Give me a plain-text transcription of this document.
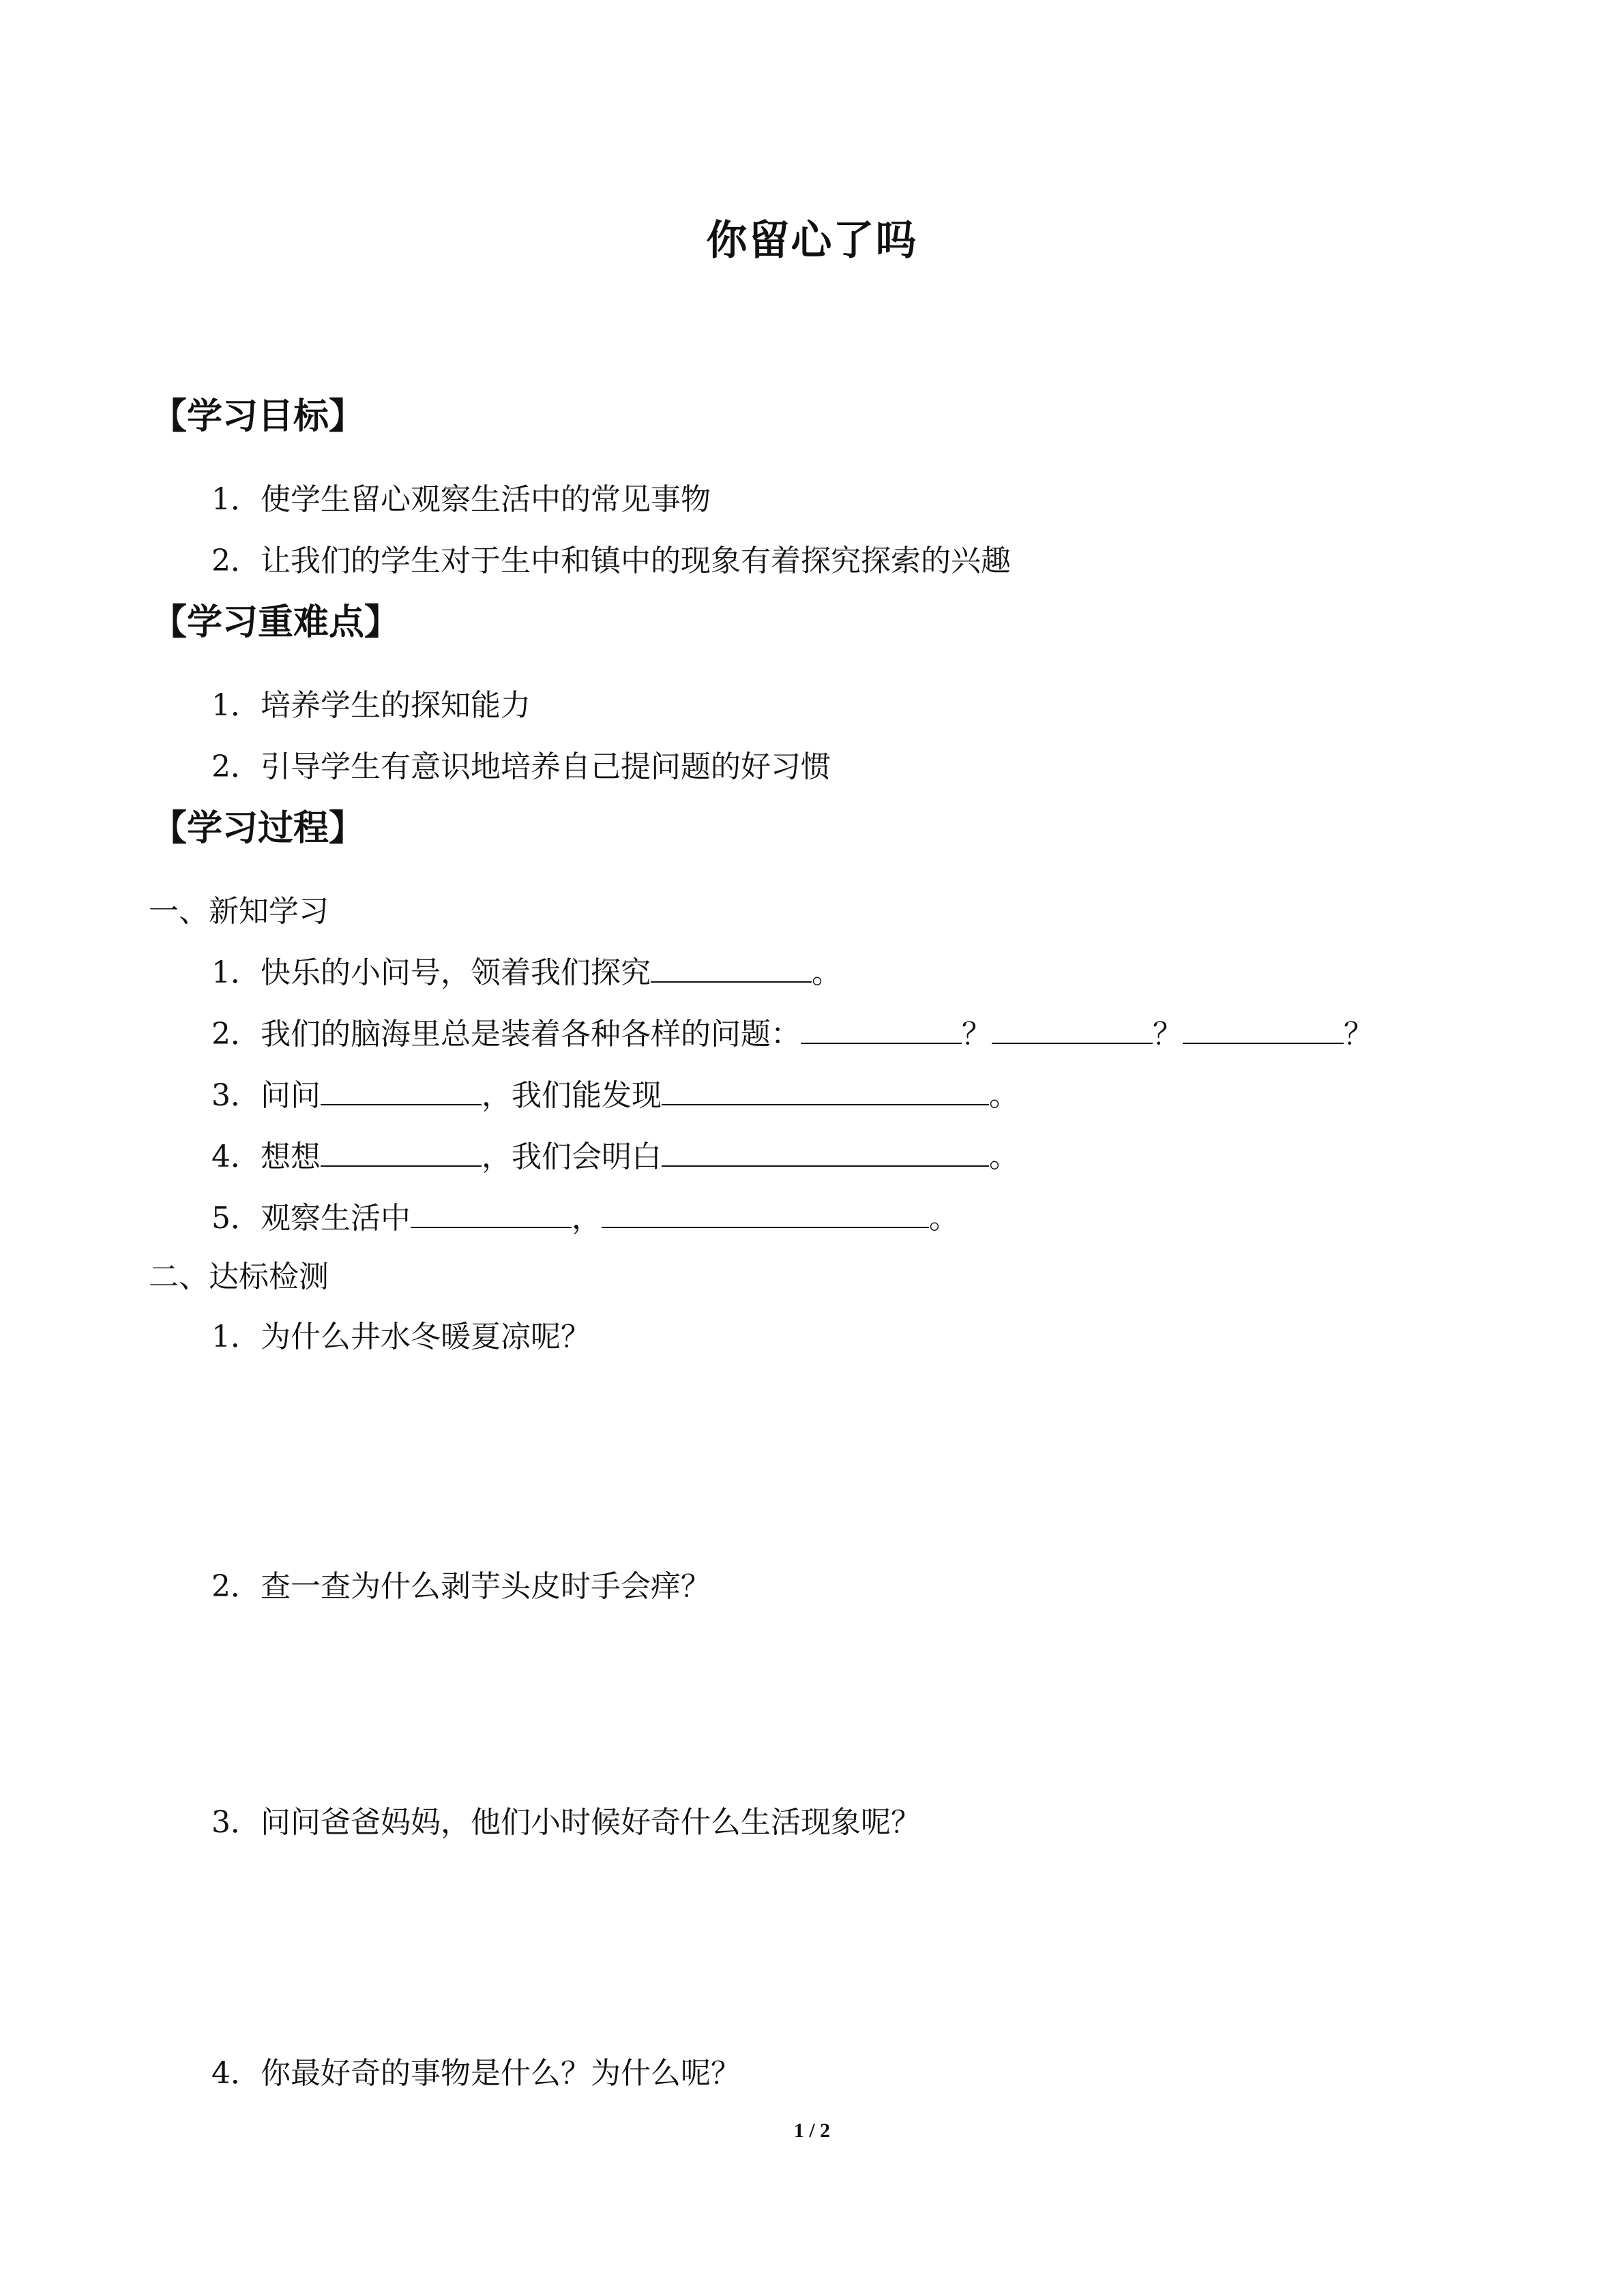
你留心了吗
【学习目标】
1．使学生留心观察生活中的常见事物
2．让我们的学生对于生中和镇中的现象有着探究探索的兴趣
【学习重难点】
1．培养学生的探知能力
2．引导学生有意识地培养自己提问题的好习惯
【学习过程】
一、新知学习
1．快乐的小问号，领着我们探究	。
2．我们的脑海里总是装着各种各样的问题：	？	？	？
3．问问	，我们能发现	。
4．想想	，我们会明白	。
5．观察生活中	，	。
二、达标检测
1．为什么井水冬暖夏凉呢？
2．查一查为什么剥芋头皮时手会痒？
3．问问爸爸妈妈，他们小时候好奇什么生活现象呢？
4．你最好奇的事物是什么？为什么呢？
1 / 2
